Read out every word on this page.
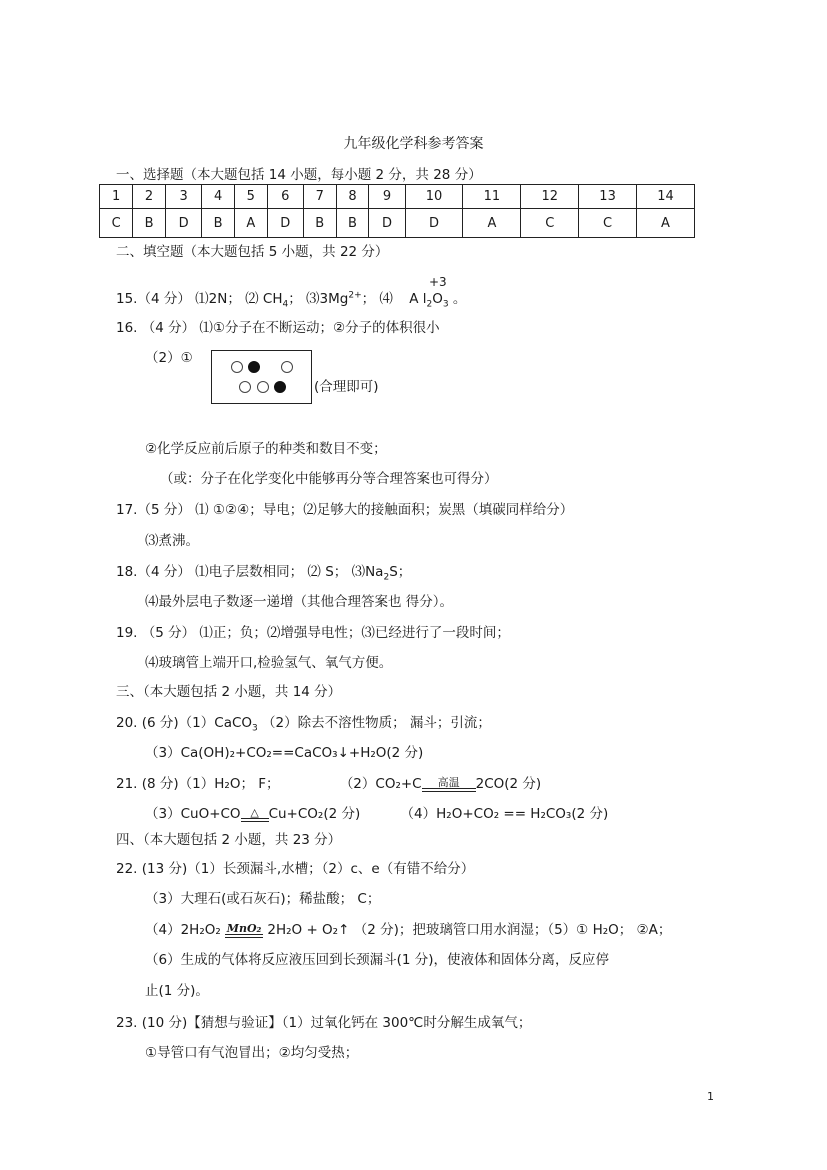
九年级化学科参考答案
一、选择题（本大题包括 14 小题，每小题 2 分，共 28 分）
1	2	3	4	5	6	7	8	9	10	11	12	13	14
C	B	D	B	A	D	B	B	D	D	A	C	C	A
二、填空题（本大题包括 5 小题，共 22 分）
+3
15.（4 分） ⑴2N； ⑵ $CH_4$； $⑶3Mg^{2+}$； ⑷ A $l_2O_3$ 。
16. （4 分） ⑴①分子在不断运动；②分子的体积很小
（2）①
(合理即可)
②化学反应前后原子的种类和数目不变；
（或：分子在化学变化中能够再分等合理答案也可得分）
17.（5 分） ⑴ ①②④；导电；⑵足够大的接触面积；炭黑（填碳同样给分）
⑶煮沸。
18.（4 分） ⑴电子层数相同； ⑵ S； $⑶Na_2S$；
⑷最外层电子数逐一递增（其他合理答案也 得分）。
19. （5 分） ⑴正；负；⑵增强导电性；⑶已经进行了一段时间；
⑷玻璃管上端开口,检验氢气、氧气方便。
三、（本大题包括 2 小题，共 14 分）
20. (6 分)（1）CaCO$_3$ （2）除去不溶性物质； 漏斗；引流；
（3）Ca(OH)₂+CO₂==CaCO₃↓+H₂O(2 分)
21. (8 分)（1）H₂O； F；	（2）CO₂+C	高温	2CO(2 分)
（3）CuO+CO △ Cu+CO₂(2 分)	（4）H₂O+CO₂ == H₂CO₃(2 分)
四、（本大题包括 2 小题，共 23 分）
22. (13 分)（1）长颈漏斗,水槽；（2）c、e（有错不给分）
（3）大理石(或石灰石)；稀盐酸； C；
（4）2H₂O₂ MnO₂ 2H₂O + O₂↑ （2 分)；把玻璃管口用水润湿；（5）① H₂O； ②A；
（6）生成的气体将反应液压回到长颈漏斗(1 分)，使液体和固体分离，反应停
止(1 分)。
23. (10 分)【猜想与验证】（1）过氧化钙在 300℃时分解生成氧气；
①导管口有气泡冒出；②均匀受热；
1
